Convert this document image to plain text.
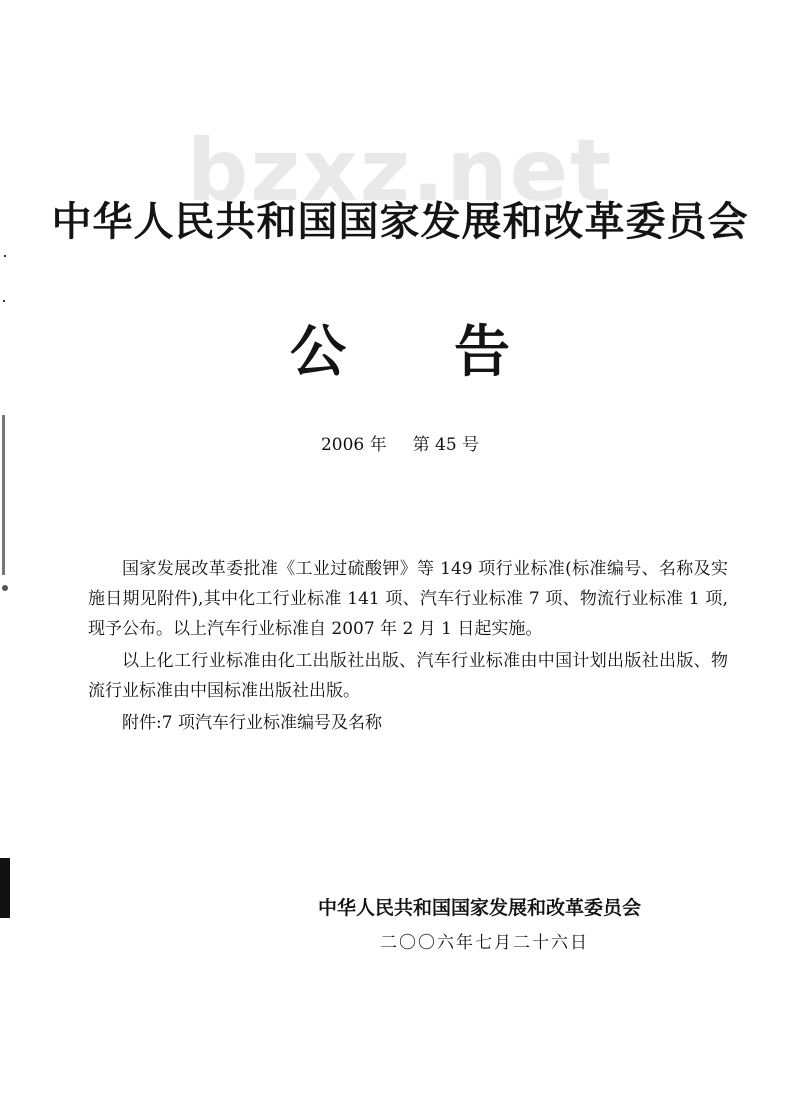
bzxz.net
中华人民共和国国家发展和改革委员会
公告
2006 年 第 45 号

国家发展改革委批准《工业过硫酸钾》等 149 项行业标准(标准编号、名称及实施日期见附件),其中化工行业标准 141 项、汽车行业标准 7 项、物流行业标准 1 项,现予公布。以上汽车行业标准自 2007 年 2 月 1 日起实施。

以上化工行业标准由化工出版社出版、汽车行业标准由中国计划出版社出版、物流行业标准由中国标准出版社出版。

附件:7 项汽车行业标准编号及名称

中华人民共和国国家发展和改革委员会
二〇〇六年七月二十六日
